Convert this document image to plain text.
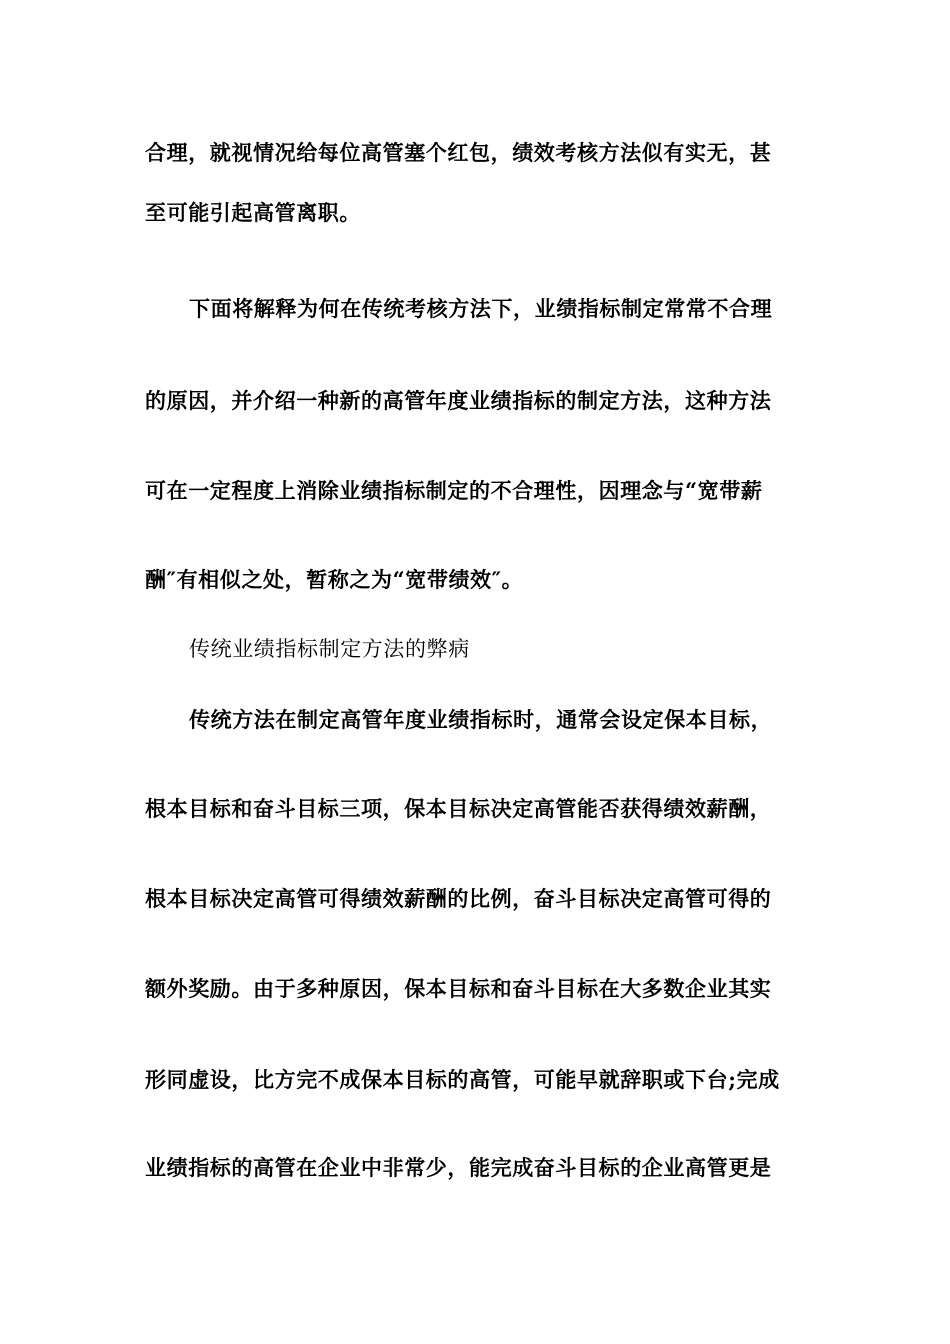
合理，就视情况给每位高管塞个红包，绩效考核方法似有实无，甚
至可能引起高管离职。
下面将解释为何在传统考核方法下，业绩指标制定常常不合理
的原因，并介绍一种新的高管年度业绩指标的制定方法，这种方法
可在一定程度上消除业绩指标制定的不合理性，因理念与“宽带薪
酬″有相似之处，暂称之为“宽带绩效″。
传统业绩指标制定方法的弊病
传统方法在制定高管年度业绩指标时，通常会设定保本目标，
根本目标和奋斗目标三项，保本目标决定高管能否获得绩效薪酬，
根本目标决定高管可得绩效薪酬的比例，奋斗目标决定高管可得的
额外奖励。由于多种原因，保本目标和奋斗目标在大多数企业其实
形同虚设，比方完不成保本目标的高管，可能早就辞职或下台;完成
业绩指标的高管在企业中非常少，能完成奋斗目标的企业高管更是
